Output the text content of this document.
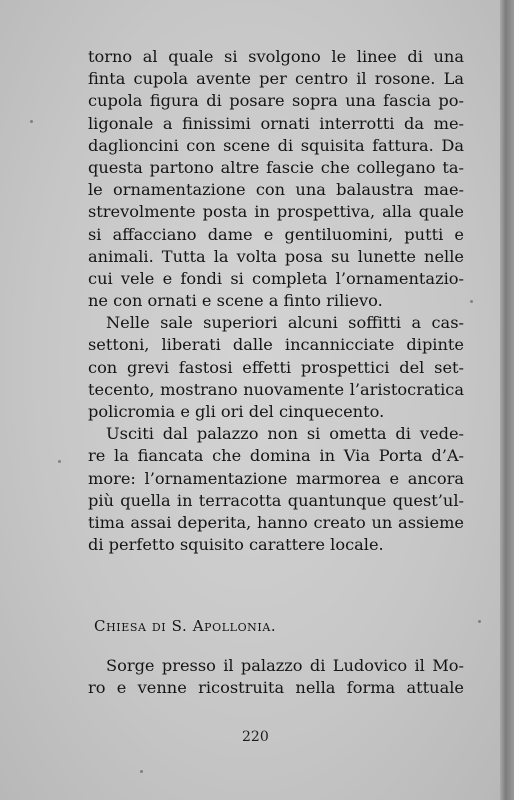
torno al quale si svolgono le linee di una
finta cupola avente per centro il rosone. La
cupola figura di posare sopra una fascia po-
ligonale a finissimi ornati interrotti da me-
daglioncini con scene di squisita fattura. Da
questa partono altre fascie che collegano ta-
le ornamentazione con una balaustra mae-
strevolmente posta in prospettiva, alla quale
si affacciano dame e gentiluomini, putti e
animali. Tutta la volta posa su lunette nelle
cui vele e fondi si completa l’ornamentazio-
ne con ornati e scene a finto rilievo.
Nelle sale superiori alcuni soffitti a cas-
settoni, liberati dalle incannicciate dipinte
con grevi fastosi effetti prospettici del set-
tecento, mostrano nuovamente l’aristocratica
policromia e gli ori del cinquecento.
Usciti dal palazzo non si ometta di vede-
re la fiancata che domina in Via Porta d’A-
more: l’ornamentazione marmorea e ancora
più quella in terracotta quantunque quest’ul-
tima assai deperita, hanno creato un assieme
di perfetto squisito carattere locale.
Chiesa di S. Apollonia.
Sorge presso il palazzo di Ludovico il Mo-
ro e venne ricostruita nella forma attuale
220
